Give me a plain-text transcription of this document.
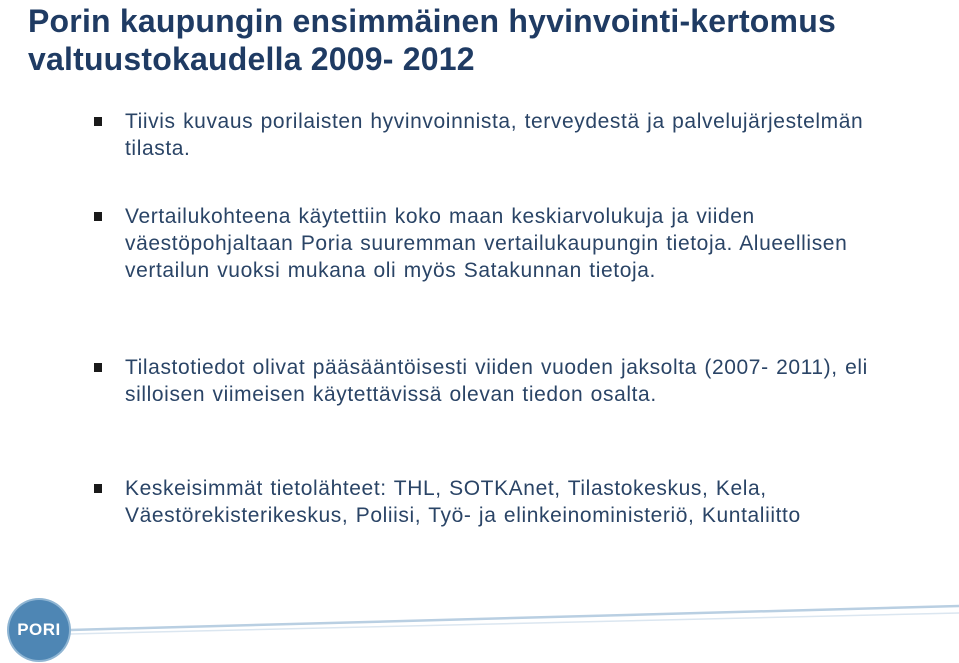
Porin kaupungin ensimmäinen hyvinvointi-kertomus valtuustokaudella 2009- 2012
Tiivis kuvaus porilaisten hyvinvoinnista, terveydestä ja palvelujärjestelmän tilasta.
Vertailukohteena käytettiin koko maan keskiarvolukuja ja viiden väestöpohjaltaan Poria suuremman vertailukaupungin tietoja. Alueellisen vertailun vuoksi mukana oli myös Satakunnan tietoja.
Tilastotiedot olivat pääsääntöisesti viiden vuoden jaksolta (2007- 2011), eli silloisen viimeisen käytettävissä olevan tiedon osalta.
Keskeisimmät tietolähteet: THL, SOTKAnet, Tilastokeskus, Kela, Väestörekisterikeskus, Poliisi, Työ- ja elinkeinoministeriö, Kuntaliitto
PORI
